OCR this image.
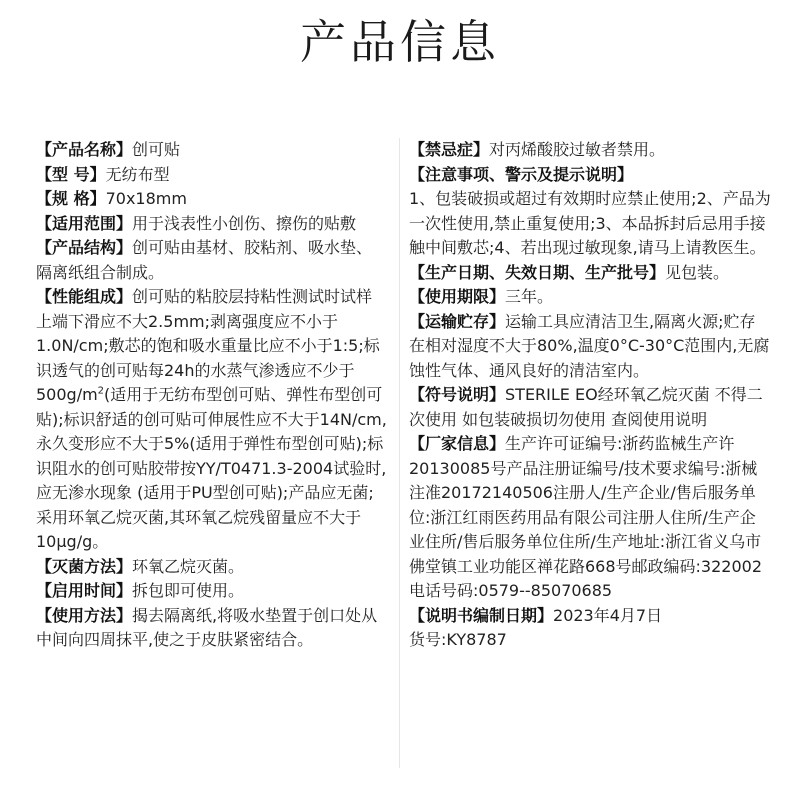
产品信息

【产品名称】创可贴

【型 号】无纺布型

【规 格】70x18mm

【适用范围】用于浅表性小创伤、擦伤的贴敷

【产品结构】创可贴由基材、胶粘剂、吸水垫、隔离纸组合制成。

【性能组成】创可贴的粘胶层持粘性测试时试样上端下滑应不大2.5mm;剥离强度应不小于1.0N/cm;敷芯的饱和吸水重量比应不小于1:5;标识透气的创可贴每24h的水蒸气渗透应不少于$500g/m^2$(适用于无纺布型创可贴、弹性布型创可贴);标识舒适的创可贴可伸展性应不大于14N/cm,永久变形应不大于5%(适用于弹性布型创可贴);标识阻水的创可贴胶带按YY/T0471.3-2004试验时,应无渗水现象 (适用于PU型创可贴);产品应无菌;采用环氧乙烷灭菌,其环氧乙烷残留量应不大于10μg/g。

【灭菌方法】环氧乙烷灭菌。

【启用时间】拆包即可使用。

【使用方法】揭去隔离纸,将吸水垫置于创口处从中间向四周抹平,使之于皮肤紧密结合。

【禁忌症】对丙烯酸胶过敏者禁用。

【注意事项、警示及提示说明】

1、包装破损或超过有效期时应禁止使用;2、产品为一次性使用,禁止重复使用;3、本品拆封后忌用手接触中间敷芯;4、若出现过敏现象,请马上请教医生。

【生产日期、失效日期、生产批号】见包装。

【使用期限】三年。

【运输贮存】运输工具应清洁卫生,隔离火源;贮存在相对湿度不大于80%,温度0°C-30°C范围内,无腐蚀性气体、通风良好的清洁室内。

【符号说明】STERILE EO经环氧乙烷灭菌 不得二次使用 如包装破损切勿使用 查阅使用说明

【厂家信息】生产许可证编号:浙药监械生产许20130085号产品注册证编号/技术要求编号:浙械注准20172140506注册人/生产企业/售后服务单位:浙江红雨医药用品有限公司注册人住所/生产企业住所/售后服务单位住所/生产地址:浙江省义乌市佛堂镇工业功能区禅花路668号邮政编码:322002

电话号码:0579--85070685

【说明书编制日期】2023年4月7日

货号:KY8787
